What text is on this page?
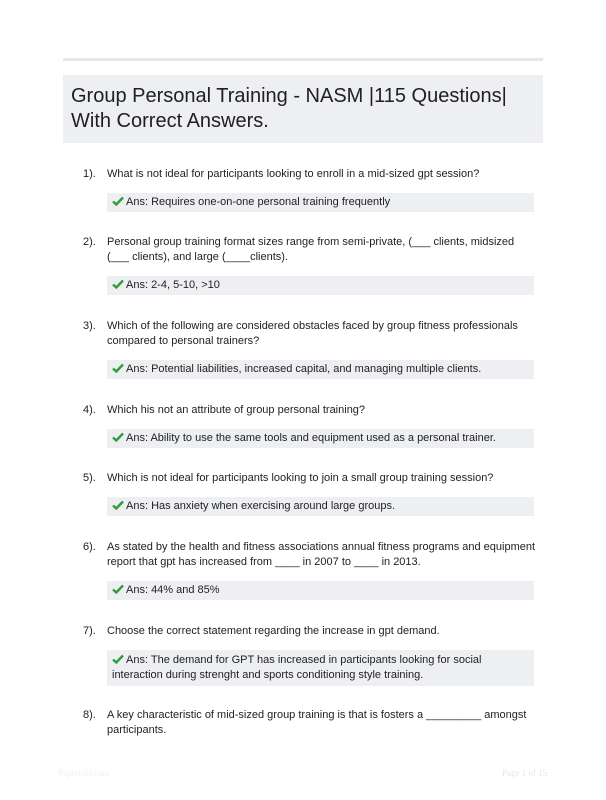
Group Personal Training - NASM |115 Questions| With Correct Answers.
1). What is not ideal for participants looking to enroll in a mid-sized gpt session?
Ans: Requires one-on-one personal training frequently
2). Personal group training format sizes range from semi-private, (___ clients, midsized (___ clients), and large (____clients).
Ans: 2-4, 5-10, >10
3). Which of the following are considered obstacles faced by group fitness professionals compared to personal trainers?
Ans: Potential liabilities, increased capital, and managing multiple clients.
4). Which his not an attribute of group personal training?
Ans: Ability to use the same tools and equipment used as a personal trainer.
5). Which is not ideal for participants looking to join a small group training session?
Ans: Has anxiety when exercising around large groups.
6). As stated by the health and fitness associations annual fitness programs and equipment report that gpt has increased from ____ in 2007 to ____ in 2013.
Ans: 44% and 85%
7). Choose the correct statement regarding the increase in gpt demand.
Ans: The demand for GPT has increased in participants looking for social interaction during strenght and sports conditioning style training.
8). A key characteristic of mid-sized group training is that is fosters a _________ amongst participants.
Papertrill.com	Page 1 of 15
